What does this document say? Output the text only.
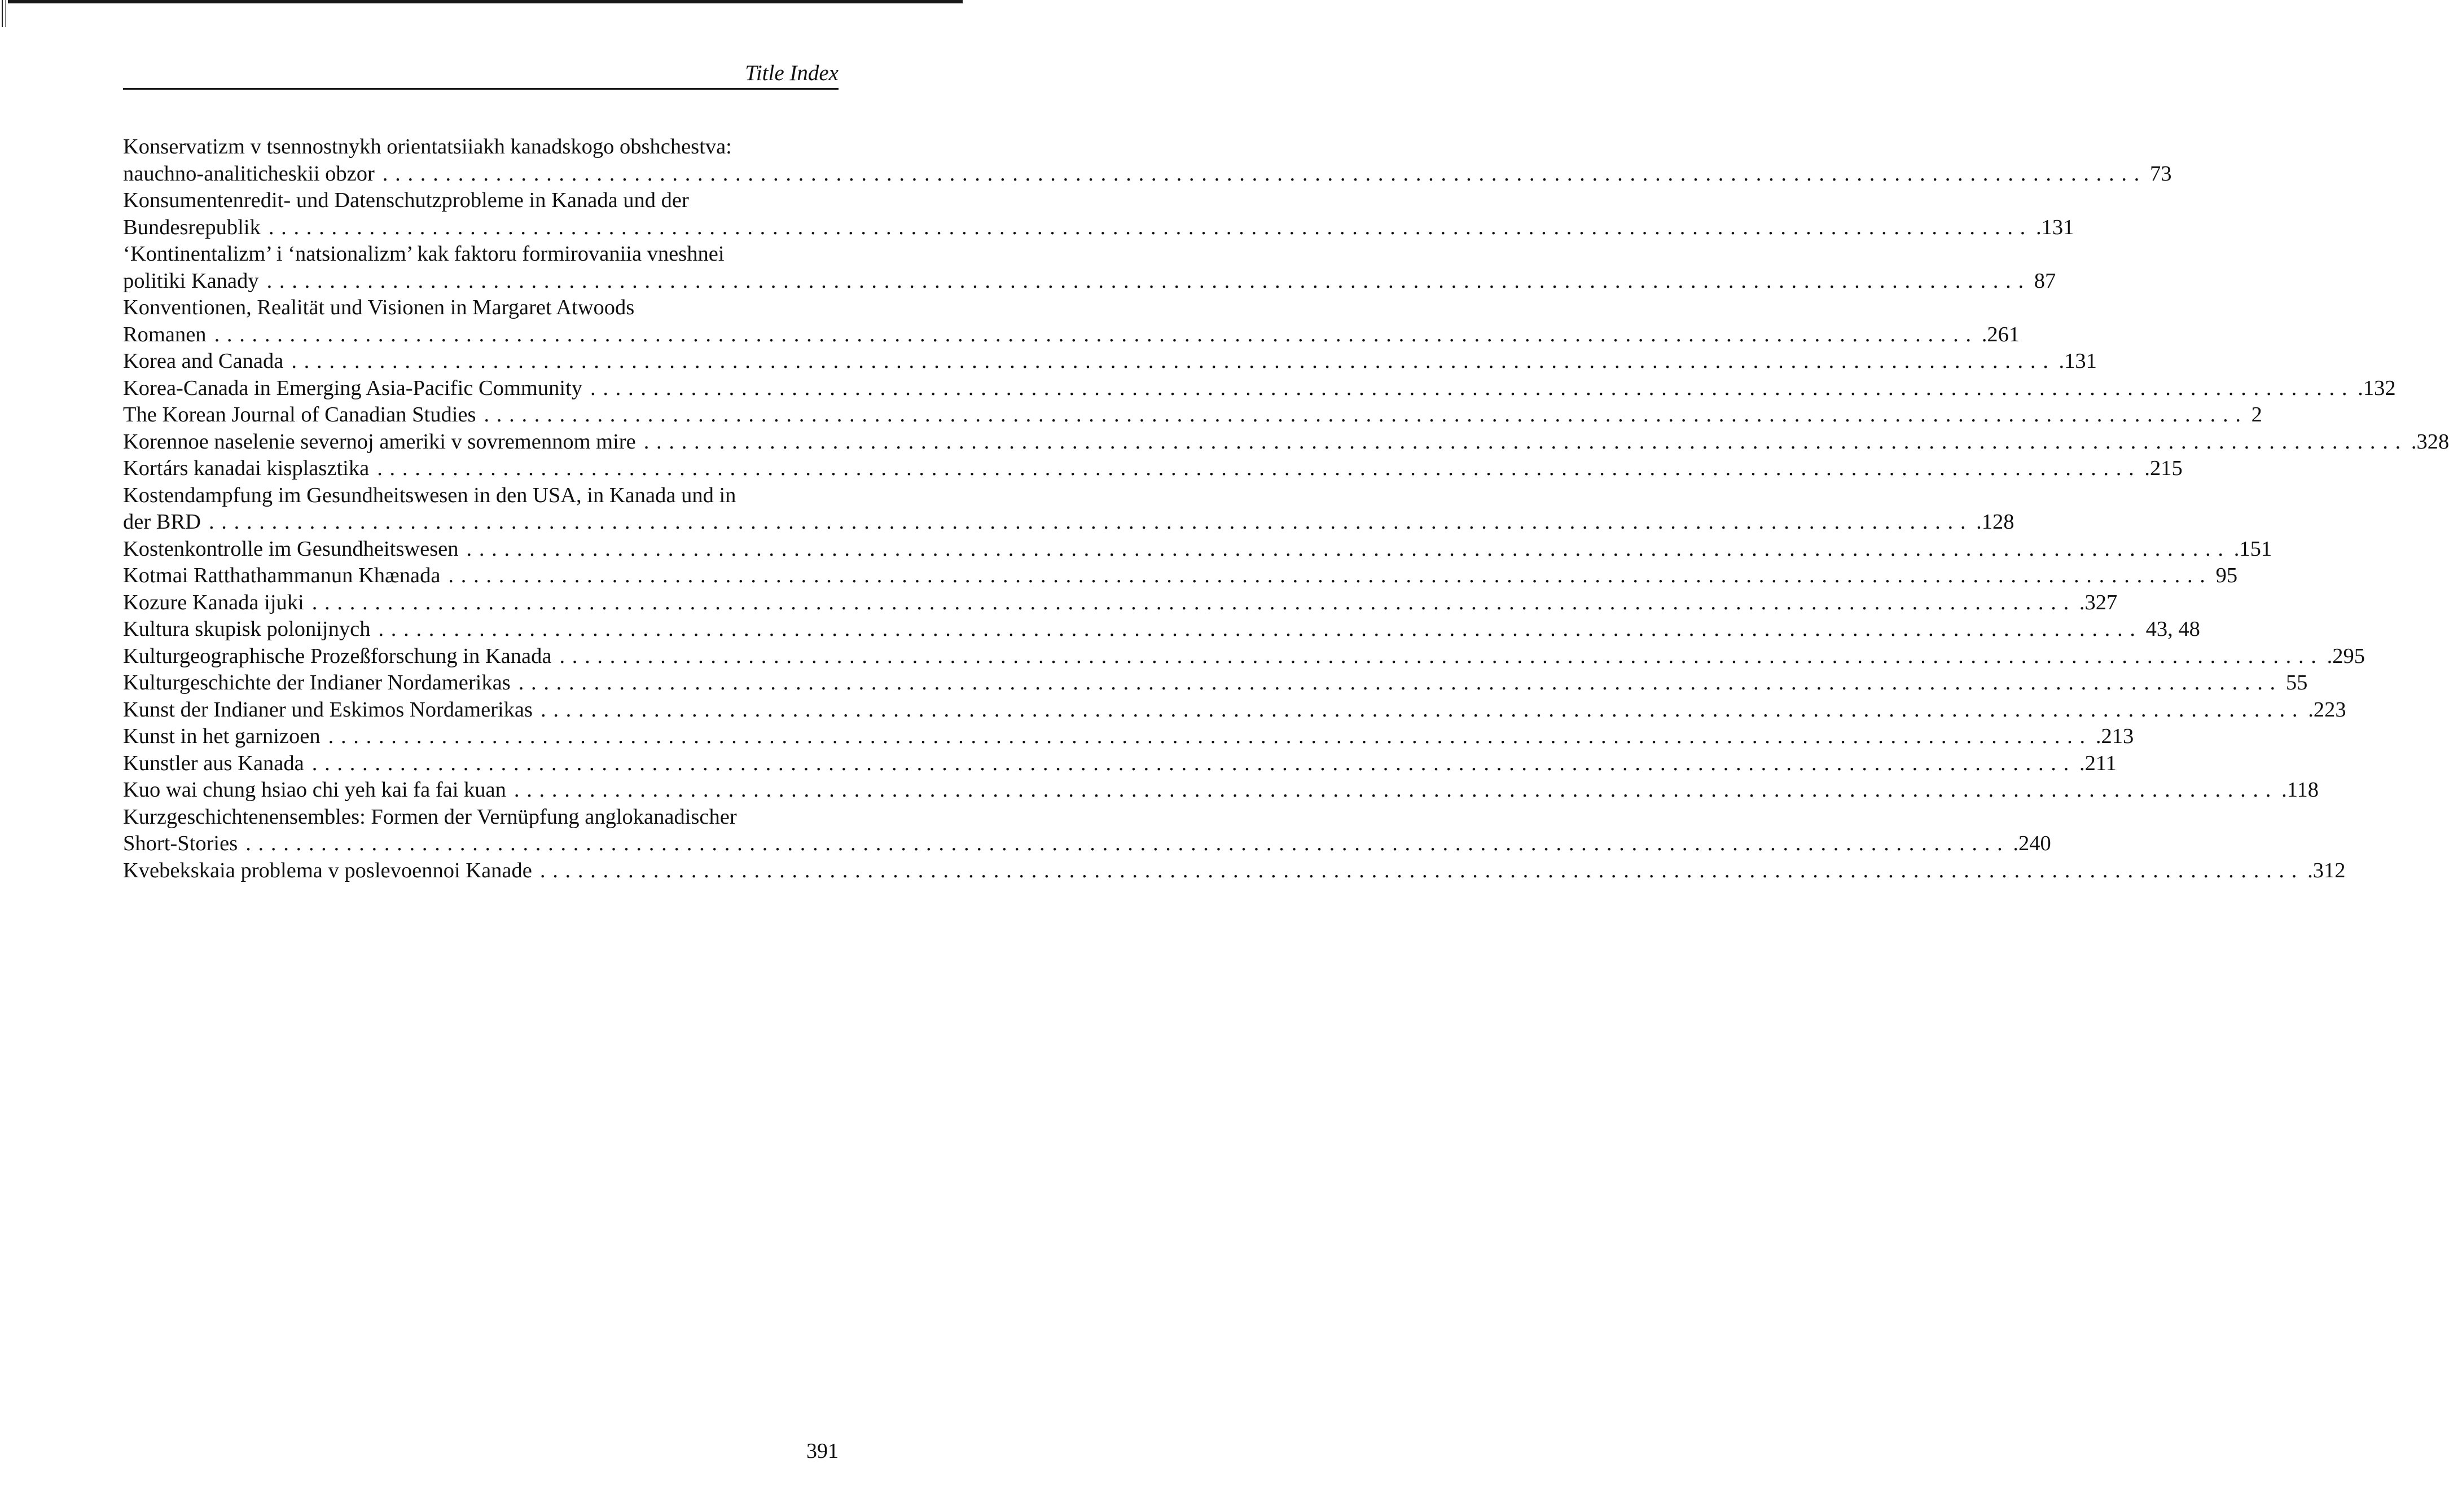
Title Index
Konservatizm v tsennostnykh orientatsiiakh kanadskogo obshchestva:
nauchno-analiticheskii obzor ............................................................................................................................................ 73
Konsumentenredit- und Datenschutzprobleme in Kanada und der
Bundesrepublik ............................................................................................................................................ .131
‘Kontinentalizm’ i ‘natsionalizm’ kak faktoru formirovaniia vneshnei
politiki Kanady ............................................................................................................................................ 87
Konventionen, Realität und Visionen in Margaret Atwoods
Romanen ............................................................................................................................................ .261
Korea and Canada ............................................................................................................................................ .131
Korea-Canada in Emerging Asia-Pacific Community ............................................................................................................................................ .132
The Korean Journal of Canadian Studies ............................................................................................................................................ 2
Korennoe naselenie severnoj ameriki v sovremennom mire ............................................................................................................................................ .328
Kortárs kanadai kisplasztika ............................................................................................................................................ .215
Kostendampfung im Gesundheitswesen in den USA, in Kanada und in
der BRD ............................................................................................................................................ .128
Kostenkontrolle im Gesundheitswesen ............................................................................................................................................ .151
Kotmai Ratthathammanun Khænada ............................................................................................................................................ 95
Kozure Kanada ijuki ............................................................................................................................................ .327
Kultura skupisk polonijnych ............................................................................................................................................ 43, 48
Kulturgeographische Prozeßforschung in Kanada ............................................................................................................................................ .295
Kulturgeschichte der Indianer Nordamerikas ............................................................................................................................................ 55
Kunst der Indianer und Eskimos Nordamerikas ............................................................................................................................................ .223
Kunst in het garnizoen ............................................................................................................................................ .213
Kunstler aus Kanada ............................................................................................................................................ .211
Kuo wai chung hsiao chi yeh kai fa fai kuan ............................................................................................................................................ .118
Kurzgeschichtenensembles: Formen der Vernüpfung anglokanadischer
Short-Stories ............................................................................................................................................ .240
Kvebekskaia problema v poslevoennoi Kanade ............................................................................................................................................ .312
391
